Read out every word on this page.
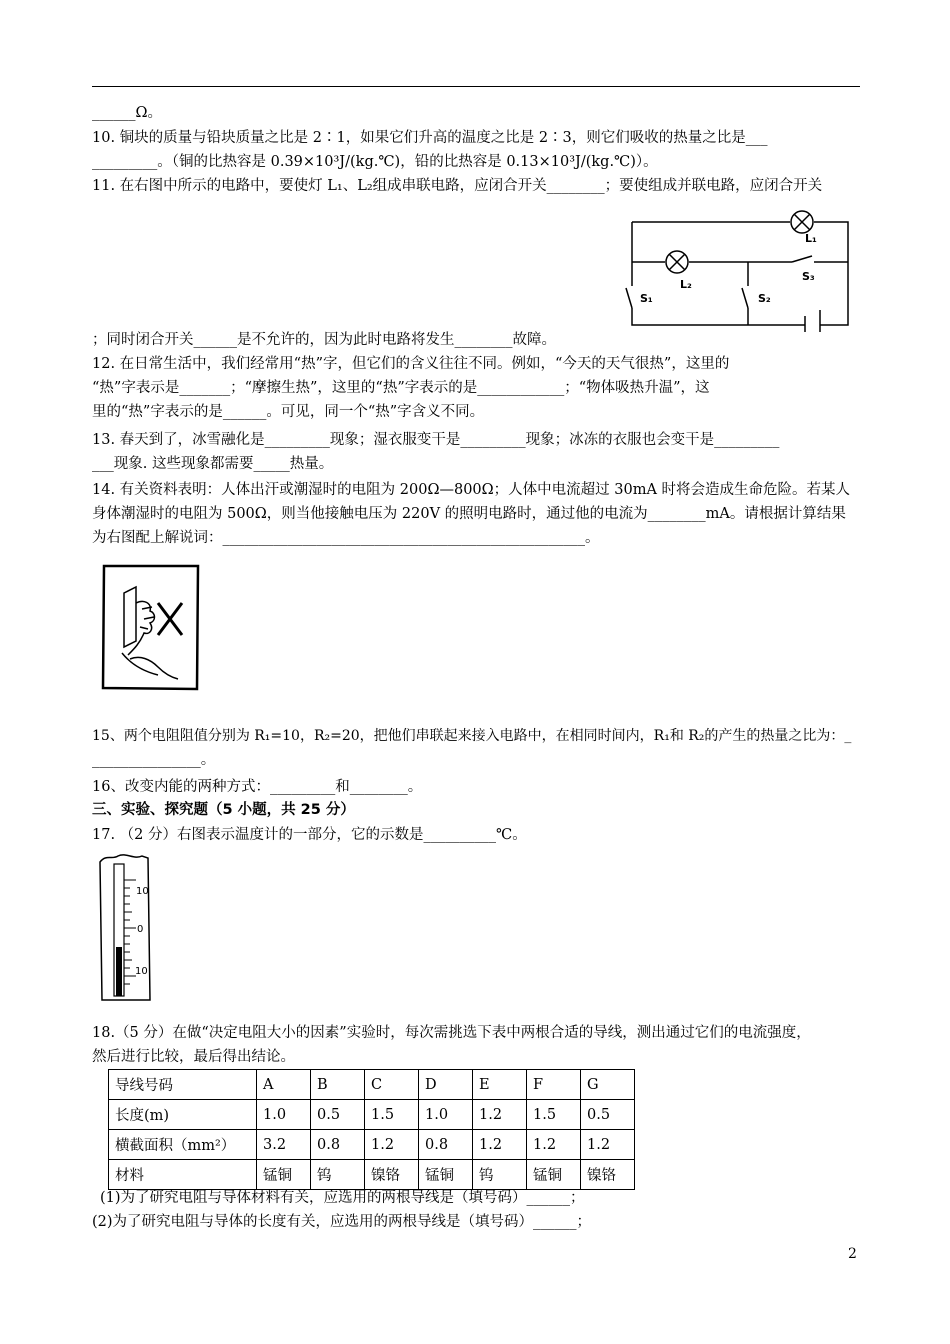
______Ω。
10. 铜块的质量与铅块质量之比是 2∶1，如果它们升高的温度之比是 2∶3，则它们吸收的热量之比是___
_________。（铜的比热容是 0.39×10³J/(kg.℃)，铅的比热容是 0.13×10³J/(kg.℃)）。
11. 在右图中所示的电路中，要使灯 L₁、L₂组成串联电路，应闭合开关________；要使组成并联电路，应闭合开关
L₁
L₂
S₁	S₂
S₃
；同时闭合开关______是不允许的，因为此时电路将发生________故障。
12. 在日常生活中，我们经常用“热”字，但它们的含义往往不同。例如，“今天的天气很热”，这里的
“热”字表示是_______；“摩擦生热”，这里的“热”字表示的是____________；“物体吸热升温”，这
里的“热”字表示的是______。可见，同一个“热”字含义不同。
13. 春天到了，冰雪融化是_________现象；湿衣服变干是_________现象；冰冻的衣服也会变干是_________
___现象. 这些现象都需要_____热量。
14. 有关资料表明：人体出汗或潮湿时的电阻为 200Ω—800Ω；人体中电流超过 30mA 时将会造成生命危险。若某人
身体潮湿时的电阻为 500Ω，则当他接触电压为 220V 的照明电路时，通过他的电流为________mA。请根据计算结果
为右图配上解说词：__________________________________________________。
15、两个电阻阻值分别为 R₁=10，R₂=20，把他们串联起来接入电路中，在相同时间内，R₁和 R₂的产生的热量之比为：_
_______________。
16、改变内能的两种方式：_________和________。
三、实验、探究题（5 小题，共 25 分）
17. （2 分）右图表示温度计的一部分，它的示数是__________℃。
10
0
10
18.（5 分）在做“决定电阻大小的因素”实验时，每次需挑选下表中两根合适的导线，测出通过它们的电流强度，
然后进行比较，最后得出结论。
导线号码	A	B	C	D	E	F	G
长度(m)	1.0	0.5	1.5	1.0	1.2	1.5	0.5
横截面积（mm²）	3.2	0.8	1.2	0.8	1.2	1.2	1.2
材料	锰铜	钨	镍铬	锰铜	钨	锰铜	镍铬
(1)为了研究电阻与导体材料有关，应选用的两根导线是（填号码）______；
(2)为了研究电阻与导体的长度有关，应选用的两根导线是（填号码）______；
2
